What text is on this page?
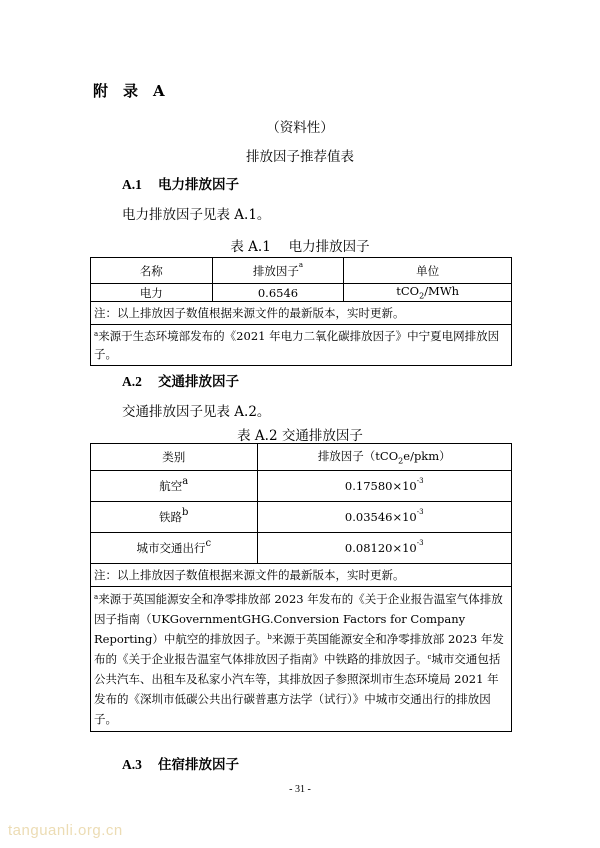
附 录 A
（资料性）
排放因子推荐值表
A.1 电力排放因子
电力排放因子见表 A.1。
表 A.1　 电力排放因子
名称	排放因子$^a$	单位
电力	0.6546	tCO$_2$/MWh
注：以上排放因子数值根据来源文件的最新版本，实时更新。		
$^a$来源于生态环境部发布的《2021 年电力二氧化碳排放因子》中宁夏电网排放因子。		
A.2 交通排放因子
交通排放因子见表 A.2。
表 A.2 交通排放因子
类别	排放因子（tCO$_2$e/pkm）
航空$^a$	$0.17580\times 10^{-3}$
铁路$^b$	$0.03546\times 10^{-3}$
城市交通出行$^c$	$0.08120\times 10^{-3}$
注：以上排放因子数值根据来源文件的最新版本，实时更新。	
$^a$来源于英国能源安全和净零排放部 2023 年发布的《关于企业报告温室气体排放因子指南（UKGovernmentGHG.Conversion Factors for Company Reporting）中航空的排放因子。$^b$来源于英国能源安全和净零排放部 2023 年发布的《关于企业报告温室气体排放因子指南》中铁路的排放因子。$^c$城市交通包括公共汽车、出租车及私家小汽车等，其排放因子参照深圳市生态环境局 2021 年发布的《深圳市低碳公共出行碳普惠方法学（试行）》中城市交通出行的排放因子。	
A.3 住宿排放因子
- 31 -
tanguanli.org.cn
